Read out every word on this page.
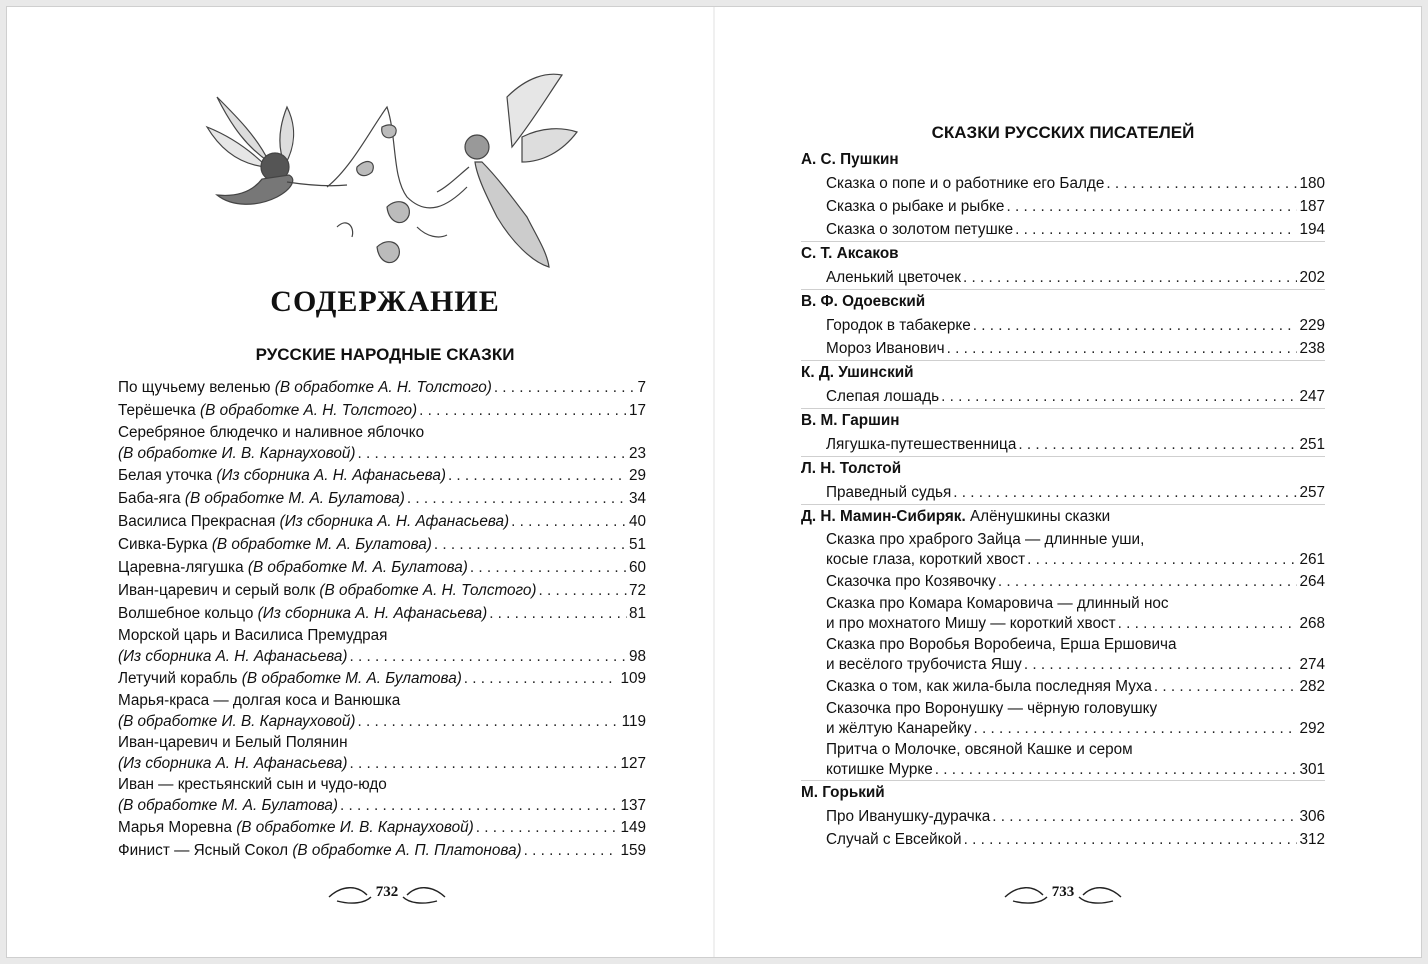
СОДЕРЖАНИЕ
РУССКИЕ НАРОДНЫЕ СКАЗКИ
По щучьему веленью (В обработке А. Н. Толстого) . . .	7
Терёшечка (В обработке А. Н. Толстого) . . .	17
Серебряное блюдечко и наливное яблочко
(В обработке И. В. Карнауховой) . . .	23
Белая уточка (Из сборника А. Н. Афанасьева) . . .	29
Баба-яга (В обработке М. А. Булатова) . . .	34
Василиса Прекрасная (Из сборника А. Н. Афанасьева) . . .	40
Сивка-Бурка (В обработке М. А. Булатова) . . .	51
Царевна-лягушка (В обработке М. А. Булатова) . . .	60
Иван-царевич и серый волк (В обработке А. Н. Толстого) . . .	72
Волшебное кольцо (Из сборника А. Н. Афанасьева) . . .	81
Морской царь и Василиса Премудрая
(Из сборника А. Н. Афанасьева) . . .	98
Летучий корабль (В обработке М. А. Булатова) . . .	109
Марья-краса — долгая коса и Ванюшка
(В обработке И. В. Карнауховой) . . .	119
Иван-царевич и Белый Полянин
(Из сборника А. Н. Афанасьева) . . .	127
Иван — крестьянский сын и чудо-юдо
(В обработке М. А. Булатова) . . .	137
Марья Моревна (В обработке И. В. Карнауховой) . . .	149
Финист — Ясный Сокол (В обработке А. П. Платонова) . . .	159
732
СКАЗКИ РУССКИХ ПИСАТЕЛЕЙ
А. С. Пушкин
Сказка о попе и о работнике его Балде . . .	180
Сказка о рыбаке и рыбке . . .	187
Сказка о золотом петушке . . .	194
С. Т. Аксаков
Аленький цветочек . . .	202
В. Ф. Одоевский
Городок в табакерке . . .	229
Мороз Иванович . . .	238
К. Д. Ушинский
Слепая лошадь . . .	247
В. М. Гаршин
Лягушка-путешественница . . .	251
Л. Н. Толстой
Праведный судья . . .	257
Д. Н. Мамин-Сибиряк. Алёнушкины сказки
Сказка про храброго Зайца — длинные уши,
косые глаза, короткий хвост . . .	261
Сказочка про Козявочку . . .	264
Сказка про Комара Комаровича — длинный нос
и про мохнатого Мишу — короткий хвост . . .	268
Сказка про Воробья Воробеича, Ерша Ершовича
и весёлого трубочиста Яшу . . .	274
Сказка о том, как жила-была последняя Муха . . .	282
Сказочка про Воронушку — чёрную головушку
и жёлтую Канарейку . . .	292
Притча о Молочке, овсяной Кашке и сером
котишке Мурке . . .	301
М. Горький
Про Иванушку-дурачка . . .	306
Случай с Евсейкой . . .	312
733
